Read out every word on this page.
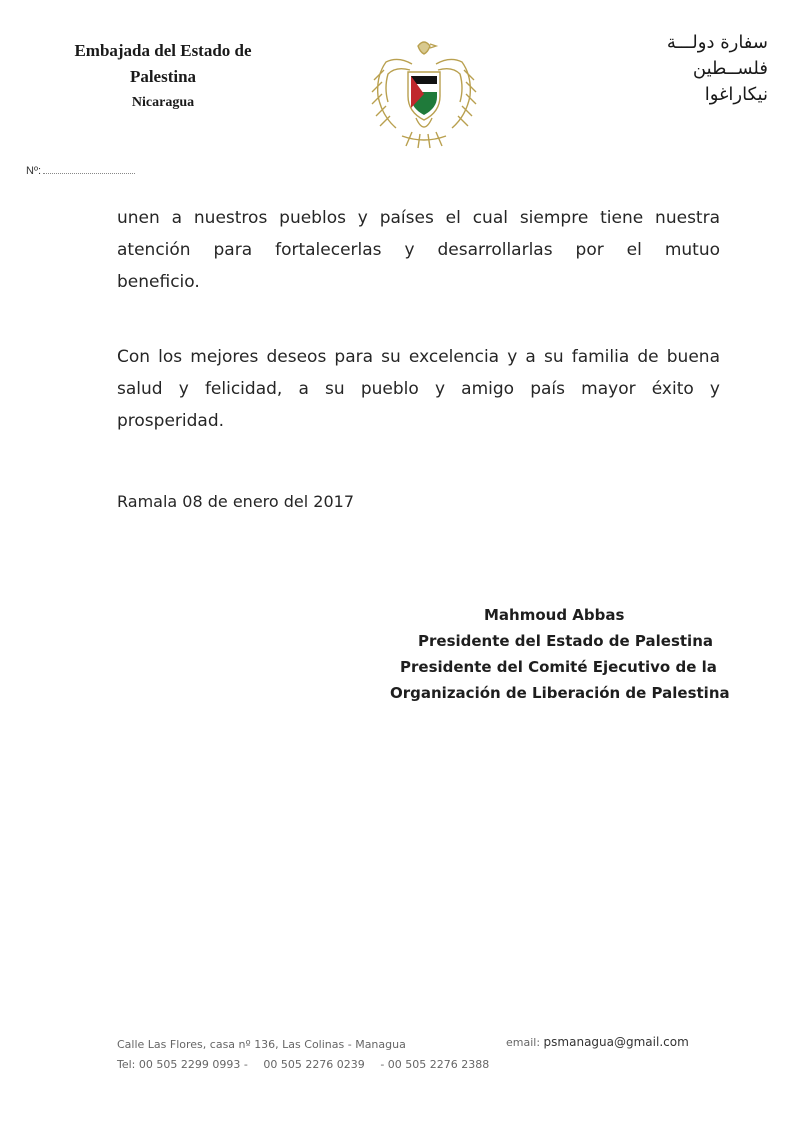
Embajada del Estado de
Palestina
Nicaragua
سفارة دولـــة
فلســطين
نيكاراغوا
Nº:
unen a nuestros pueblos y países el cual siempre tiene nuestra
atención para fortalecerlas y desarrollarlas por el mutuo
beneficio.
Con los mejores deseos para su excelencia y a su familia de buena
salud y felicidad, a su pueblo y amigo país mayor éxito y
prosperidad.
Ramala 08 de enero del 2017
Mahmoud Abbas
Presidente del Estado de Palestina
Presidente del Comité Ejecutivo de la
Organización de Liberación de Palestina
Calle Las Flores, casa nº 136, Las Colinas - Managua	email: psmanagua@gmail.com
Tel: 00 505 2299 0993 - 00 505 2276 0239 - 00 505 2276 2388
